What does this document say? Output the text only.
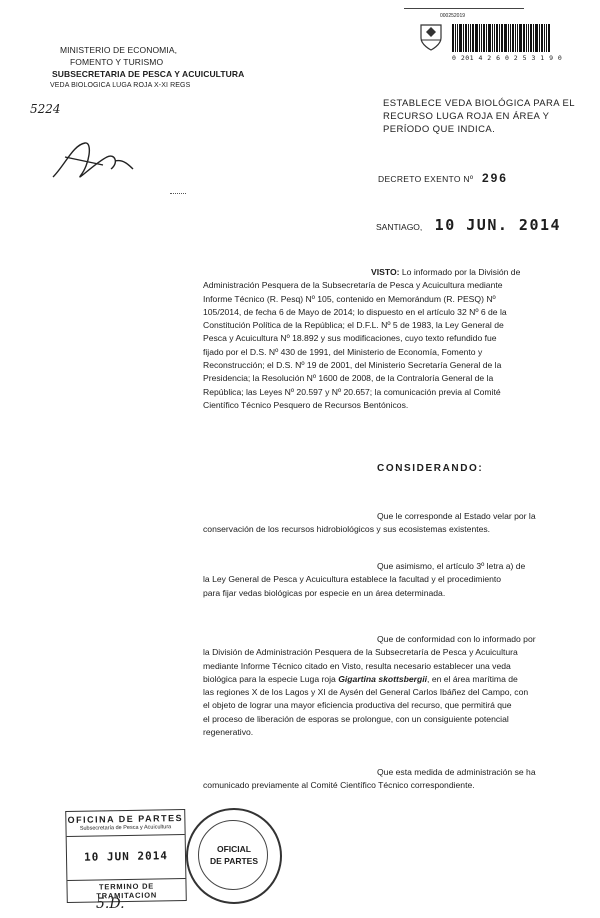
MINISTERIO DE ECONOMIA,
FOMENTO Y TURISMO
SUBSECRETARIA DE PESCA Y ACUICULTURA
VEDA BIOLOGICA LUGA ROJA X-XI REGS
5224
000252019
0 201 4 2 6 0 2 5 3 1 9 0
ESTABLECE VEDA BIOLÓGICA PARA EL
RECURSO LUGA ROJA EN ÁREA Y
PERÍODO QUE INDICA.
DECRETO EXENTO Nº 296
SANTIAGO, 10 JUN. 2014
VISTO: Lo informado por la División de
Administración Pesquera de la Subsecretaría de Pesca y Acuicultura mediante
Informe Técnico (R. Pesq) Nº 105, contenido en Memorándum (R. PESQ) Nº
105/2014, de fecha 6 de Mayo de 2014; lo dispuesto en el artículo 32 Nº 6 de la
Constitución Política de la República; el D.F.L. Nº 5 de 1983, la Ley General de
Pesca y Acuicultura Nº 18.892 y sus modificaciones, cuyo texto refundido fue
fijado por el D.S. Nº 430 de 1991, del Ministerio de Economía, Fomento y
Reconstrucción; el D.S. Nº 19 de 2001, del Ministerio Secretaría General de la
Presidencia; la Resolución Nº 1600 de 2008, de la Contraloría General de la
República; las Leyes Nº 20.597 y Nº 20.657; la comunicación previa al Comité
Científico Técnico Pesquero de Recursos Bentónicos.
CONSIDERANDO:
Que le corresponde al Estado velar por la
conservación de los recursos hidrobiológicos y sus ecosistemas existentes.
Que asimismo, el artículo 3º letra a) de
la Ley General de Pesca y Acuicultura establece la facultad y el procedimiento
para fijar vedas biológicas por especie en un área determinada.
Que de conformidad con lo informado por
la División de Administración Pesquera de la Subsecretaría de Pesca y Acuicultura
mediante Informe Técnico citado en Visto, resulta necesario establecer una veda
biológica para la especie Luga roja Gigartina skottsbergii, en el área marítima de
las regiones X de los Lagos y XI de Aysén del General Carlos Ibáñez del Campo, con
el objeto de lograr una mayor eficiencia productiva del recurso, que permitirá que
el proceso de liberación de esporas se prolongue, con un consiguiente potencial
regenerativo.
Que esta medida de administración se ha
comunicado previamente al Comité Científico Técnico correspondiente.
OFICINA DE PARTES
Subsecretaría de Pesca y Acuicultura
10 JUN 2014
TERMINO DE TRAMITACION
OFICIAL
DE PARTES
5.D.
